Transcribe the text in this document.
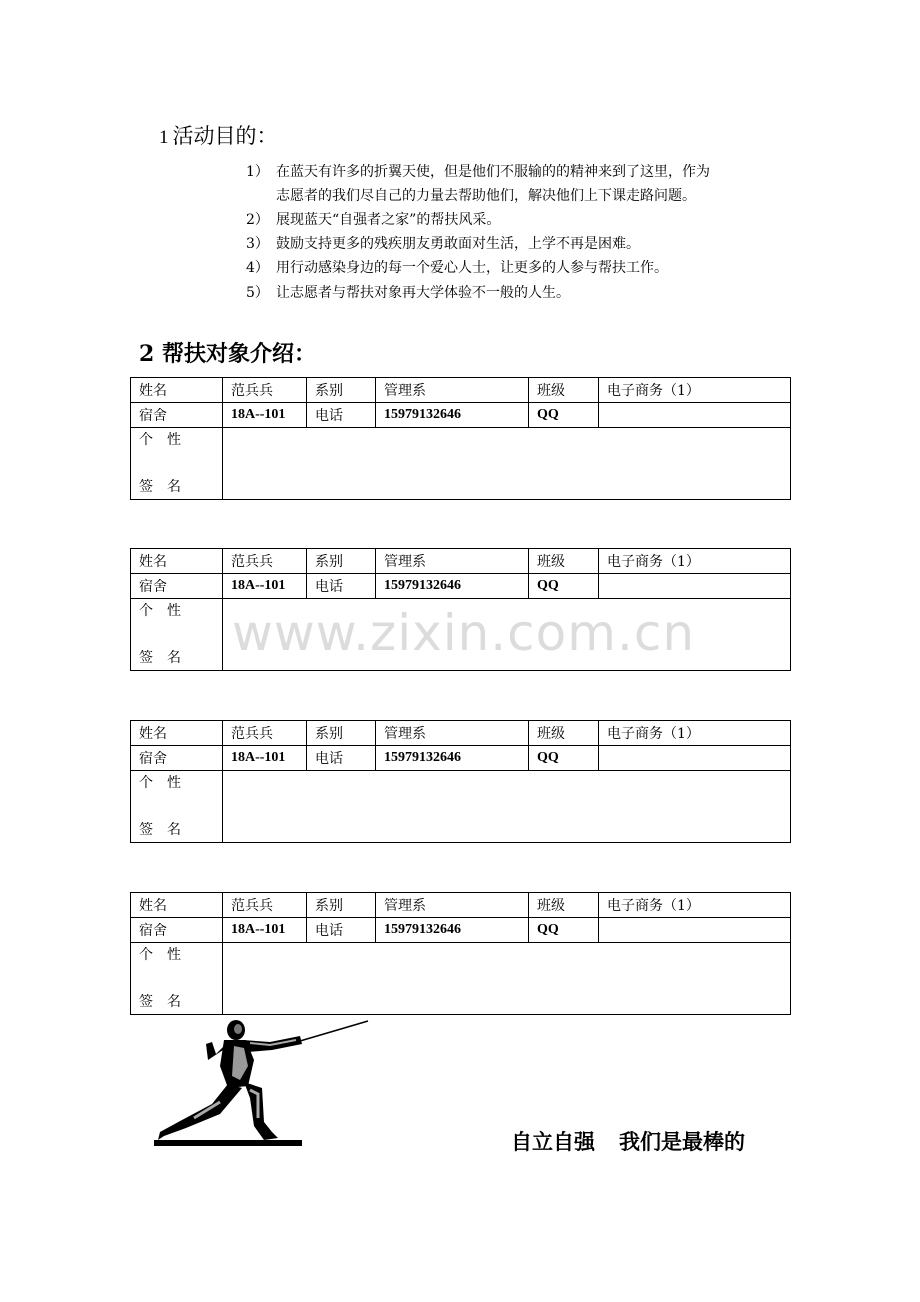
1 活动目的：
1） 在蓝天有许多的折翼天使，但是他们不服输的的精神来到了这里，作为
志愿者的我们尽自己的力量去帮助他们，解决他们上下课走路问题。
2） 展现蓝天“自强者之家”的帮扶风采。
3） 鼓励支持更多的残疾朋友勇敢面对生活，上学不再是困难。
4） 用行动感染身边的每一个爱心人士，让更多的人参与帮扶工作。
5） 让志愿者与帮扶对象再大学体验不一般的人生。
2 帮扶对象介绍：
姓名	范兵兵	系别	管理系	班级	电子商务（1）
宿舍	18A--101	电话	15979132646	QQ	

个　性
签　名					

姓名	范兵兵	系别	管理系	班级	电子商务（1）
宿舍	18A--101	电话	15979132646	QQ	

个　性
签　名					
		www.zixin.com.cn
姓名	范兵兵	系别	管理系	班级	电子商务（1）
宿舍	18A--101	电话	15979132646	QQ	

个　性
签　名					

姓名	范兵兵	系别	管理系	班级	电子商务（1）
宿舍	18A--101	电话	15979132646	QQ	

个　性
签　名					

自立自强 我们是最棒的
